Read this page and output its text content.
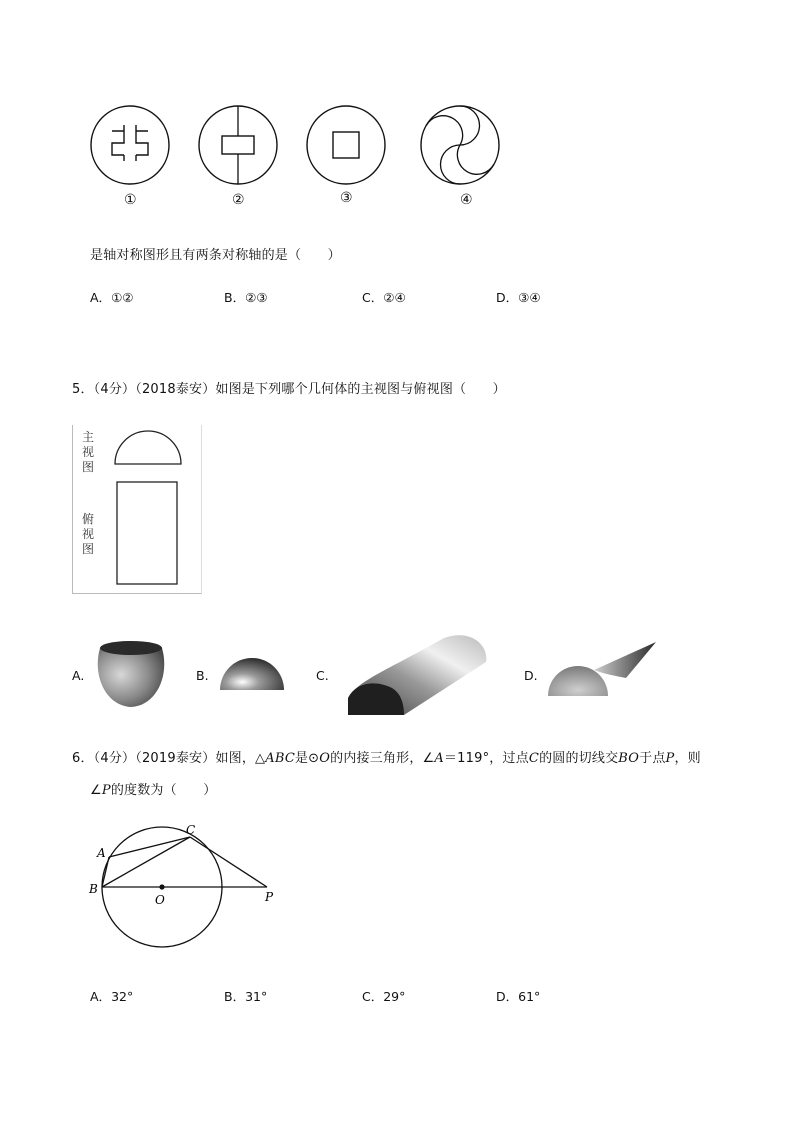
①	②	③	④
是轴对称图形且有两条对称轴的是（　　）
A．①②	B．②③	C．②④	D．③④
5．（4分）（2018泰安）如图是下列哪个几何体的主视图与俯视图（　　）
主视图
俯视图
A.	B.	C.	D.
6．（4分）（2019泰安）如图，△ABC是⊙O的内接三角形，∠A＝119°，过点C的圆的切线交BO于点P，则
∠P的度数为（　　）
A
B
C
O	P
A．32°	B．31°	C．29°	D．61°
